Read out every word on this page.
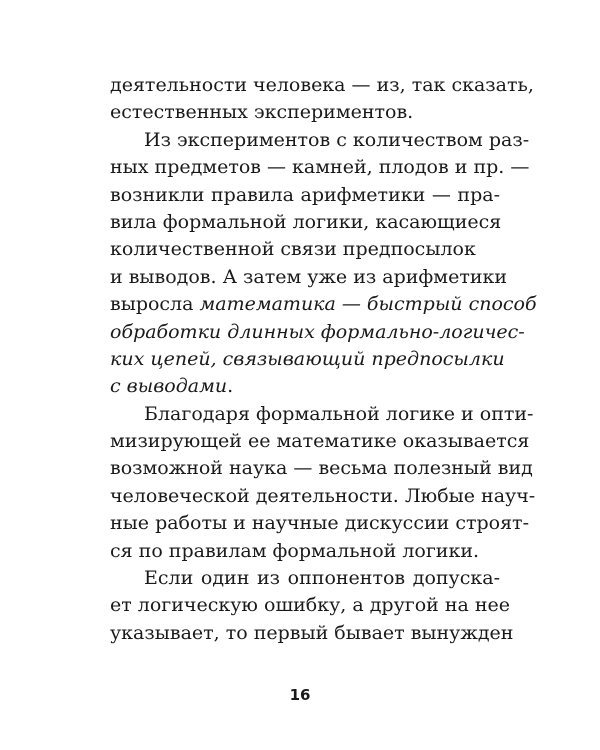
деятельности человека — из, так сказать,
естественных экспериментов.
Из экспериментов с количеством раз-
ных предметов — камней, плодов и пр. —
возникли правила арифметики — пра-
вила формальной логики, касающиеся
количественной связи предпосылок
и выводов. А затем уже из арифметики
выросла математика — быстрый способ
обработки длинных формально-логичес-
ких цепей, связывающий предпосылки
с выводами.
Благодаря формальной логике и опти-
мизирующей ее математике оказывается
возможной наука — весьма полезный вид
человеческой деятельности. Любые науч-
ные работы и научные дискуссии строят-
ся по правилам формальной логики.
Если один из оппонентов допуска-
ет логическую ошибку, а другой на нее
указывает, то первый бывает вынужден
16
